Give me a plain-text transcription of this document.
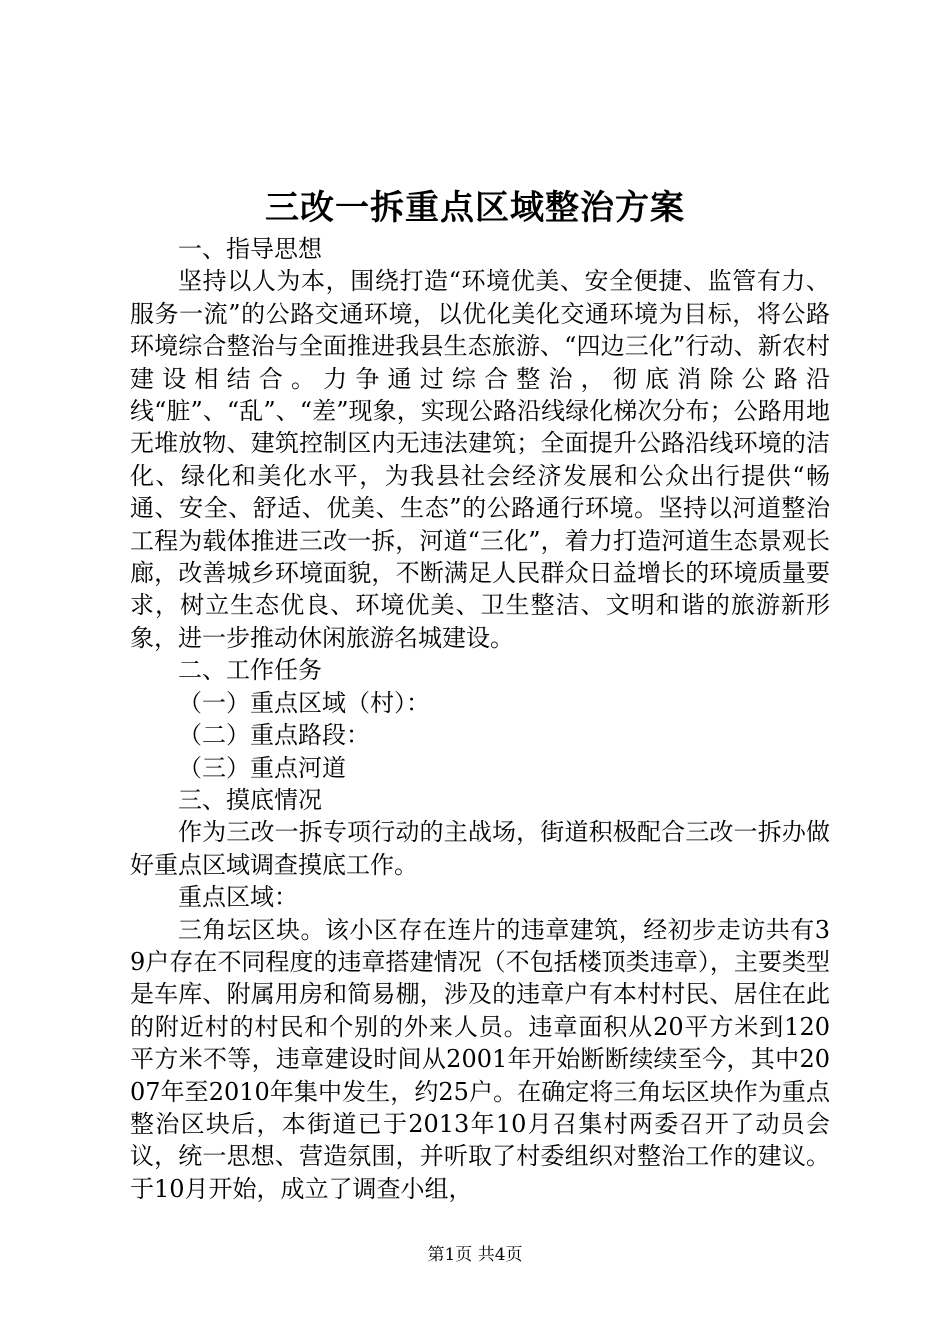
三改一拆重点区域整治方案

一、指导思想

坚持以人为本，围绕打造“环境优美、安全便捷、监管有力、服务一流”的公路交通环境，以优化美化交通环境为目标，将公路环境综合整治与全面推进我县生态旅游、“四边三化”行动、新农村建设相结合。力争通过综合整治，彻底消除公路沿线“脏”、“乱”、“差”现象，实现公路沿线绿化梯次分布；公路用地无堆放物、建筑控制区内无违法建筑；全面提升公路沿线环境的洁化、绿化和美化水平，为我县社会经济发展和公众出行提供“畅通、安全、舒适、优美、生态”的公路通行环境。坚持以河道整治工程为载体推进三改一拆，河道“三化”，着力打造河道生态景观长廊，改善城乡环境面貌，不断满足人民群众日益增长的环境质量要求，树立生态优良、环境优美、卫生整洁、文明和谐的旅游新形象，进一步推动休闲旅游名城建设。

二、工作任务

（一）重点区域（村）：

（二）重点路段：

（三）重点河道

三、摸底情况

作为三改一拆专项行动的主战场，街道积极配合三改一拆办做好重点区域调查摸底工作。

重点区域：

三角坛区块。该小区存在连片的违章建筑，经初步走访共有39户存在不同程度的违章搭建情况（不包括楼顶类违章），主要类型是车库、附属用房和简易棚，涉及的违章户有本村村民、居住在此的附近村的村民和个别的外来人员。违章面积从20平方米到120平方米不等，违章建设时间从2001年开始断断续续至今，其中2007年至2010年集中发生，约25户。在确定将三角坛区块作为重点整治区块后，本街道已于2013年10月召集村两委召开了动员会议，统一思想、营造氛围，并听取了村委组织对整治工作的建议。于10月开始，成立了调查小组，

第1页 共4页
